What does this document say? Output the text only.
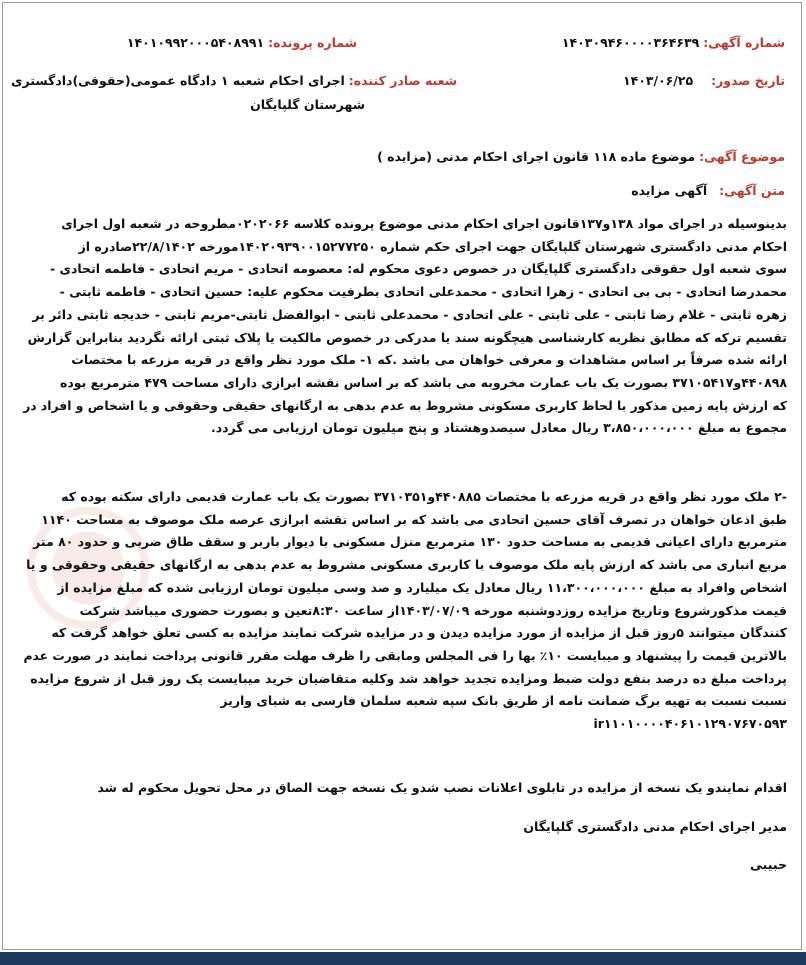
شماره آگهی: ۱۴۰۳۰۹۴۶۰۰۰۰۳۶۴۶۳۹
شماره پرونده: ۱۴۰۱۰۹۹۲۰۰۰۵۴۰۸۹۹۱
تاریخ صدور: ۱۴۰۳/۰۶/۲۵
شعبه صادر کننده: اجرای احکام شعبه ۱ دادگاه عمومی(حقوقی)دادگستری
شهرستان گلپایگان
موضوع آگهی: موضوع ماده ۱۱۸ قانون اجرای احکام مدنی (مزایده )
متن آگهی: آگهی مزایده
بدینوسیله در اجرای مواد ۱۳۸و۱۳۷قانون اجرای احکام مدنی موضوع پرونده کلاسه ۰۲۰۲۰۶۶مطروحه در شعبه اول اجرای
احکام مدنی دادگستری شهرستان گلپایگان جهت اجرای حکم شماره ۱۴۰۲۰۹۳۹۰۰۱۵۲۷۷۲۵۰مورخه ۲۲/۸/۱۴۰۲صادره از
سوی شعبه اول حقوقی دادگستری گلپایگان در خصوص دعوی محکوم له: معصومه اتحادی - مریم اتحادی - فاطمه اتحادی -
محمدرضا اتحادی - بی بی اتحادی - زهرا اتحادی - محمدعلی اتحادی بطرفیت محکوم علیه: حسین اتحادی - فاطمه ثابتی -
زهره ثابتی - غلام رضا ثابتی - علی ثابتی - علی اتحادی - محمدعلی ثابتی - ابوالفضل ثابتی-مریم ثابتی - خدیجه ثابتی دائر بر
تقسیم ترکه که مطابق نظریه کارشناسی هیچگونه سند یا مدرکی در خصوص مالکیت یا پلاک ثبتی ارائه نگردید بنابراین گزارش
ارائه شده صرفاً بر اساس مشاهدات و معرفی خواهان می باشد .که ۱- ملک مورد نظر واقع در قریه مزرعه با مختصات
۴۴۰۸۹۸و۳۷۱۰۵۴۱۷ بصورت یک باب عمارت مخروبه می باشد که بر اساس نقشه ابرازی دارای مساحت ۴۷۹ مترمربع بوده
که ارزش پایه زمین مذکور با لحاظ کاربری مسکونی مشروط به عدم بدهی به ارگانهای حقیقی وحقوقی و یا اشخاص و افراد در
مجموع به مبلغ ۳،۸۵۰،۰۰۰،۰۰۰ ریال معادل سیصدوهشتاد و پنج میلیون تومان ارزیابی می گردد.
-۲ ملک مورد نظر واقع در قریه مزرعه با مختصات ۴۴۰۸۸۵و۳۷۱۰۳۵۱ بصورت یک باب عمارت قدیمی دارای سکنه بوده که
طبق اذعان خواهان در تصرف آقای حسین اتحادی می باشد که بر اساس نقشه ابرازی عرصه ملک موصوف به مساحت ۱۱۴۰
مترمربع دارای اعیانی قدیمی به مساحت حدود ۱۳۰ مترمربع منزل مسکونی با دیوار باربر و سقف طاق ضربی و حدود ۸۰ متر
مربع انباری می باشد که ارزش پایه ملک موصوف با کاربری مسکونی مشروط به عدم بدهی به ارگانهای حقیقی وحقوقی و یا
اشخاص وافراد به مبلغ ۱۱،۳۰۰،۰۰۰،۰۰۰ ریال معادل یک میلیارد و صد وسی میلیون تومان ارزیابی شده که مبلغ مزایده از
قیمت مذکورشروع وتاریخ مزایده روزدوشنبه مورخه ۱۴۰۳/۰۷/۰۹از ساعت ۸:۳۰تعین و بصورت حضوری میباشد شرکت
کنندگان میتوانند ۵روز قبل از مزایده از مورد مزایده دیدن و در مزایده شرکت نمایند مزایده به کسی تعلق خواهد گرفت که
بالاترین قیمت را پیشنهاد و میبایست ۱۰٪ بها را فی المجلس ومابقی را ظرف مهلت مقرر قانونی پرداخت نمایند در صورت عدم
پرداخت مبلغ ده درصد بنفع دولت ضبط ومزایده تجدید خواهد شد وکلیه متقاضیان خرید میبایست یک روز قبل از شروع مزایده
نسبت نسبت به تهیه برگ ضمانت نامه از طریق بانک سپه شعبه سلمان فارسی به شبای واریز
ir۱۱۰۱۰۰۰۰۴۰۶۱۰۱۲۹۰۷۶۷۰۵۹۳
اقدام نمایندو یک نسخه از مزایده در تابلوی اعلانات نصب شدو یک نسخه جهت الصاق در محل تحویل محکوم له شد
مدیر اجرای احکام مدنی دادگستری گلپایگان
حبیبی
